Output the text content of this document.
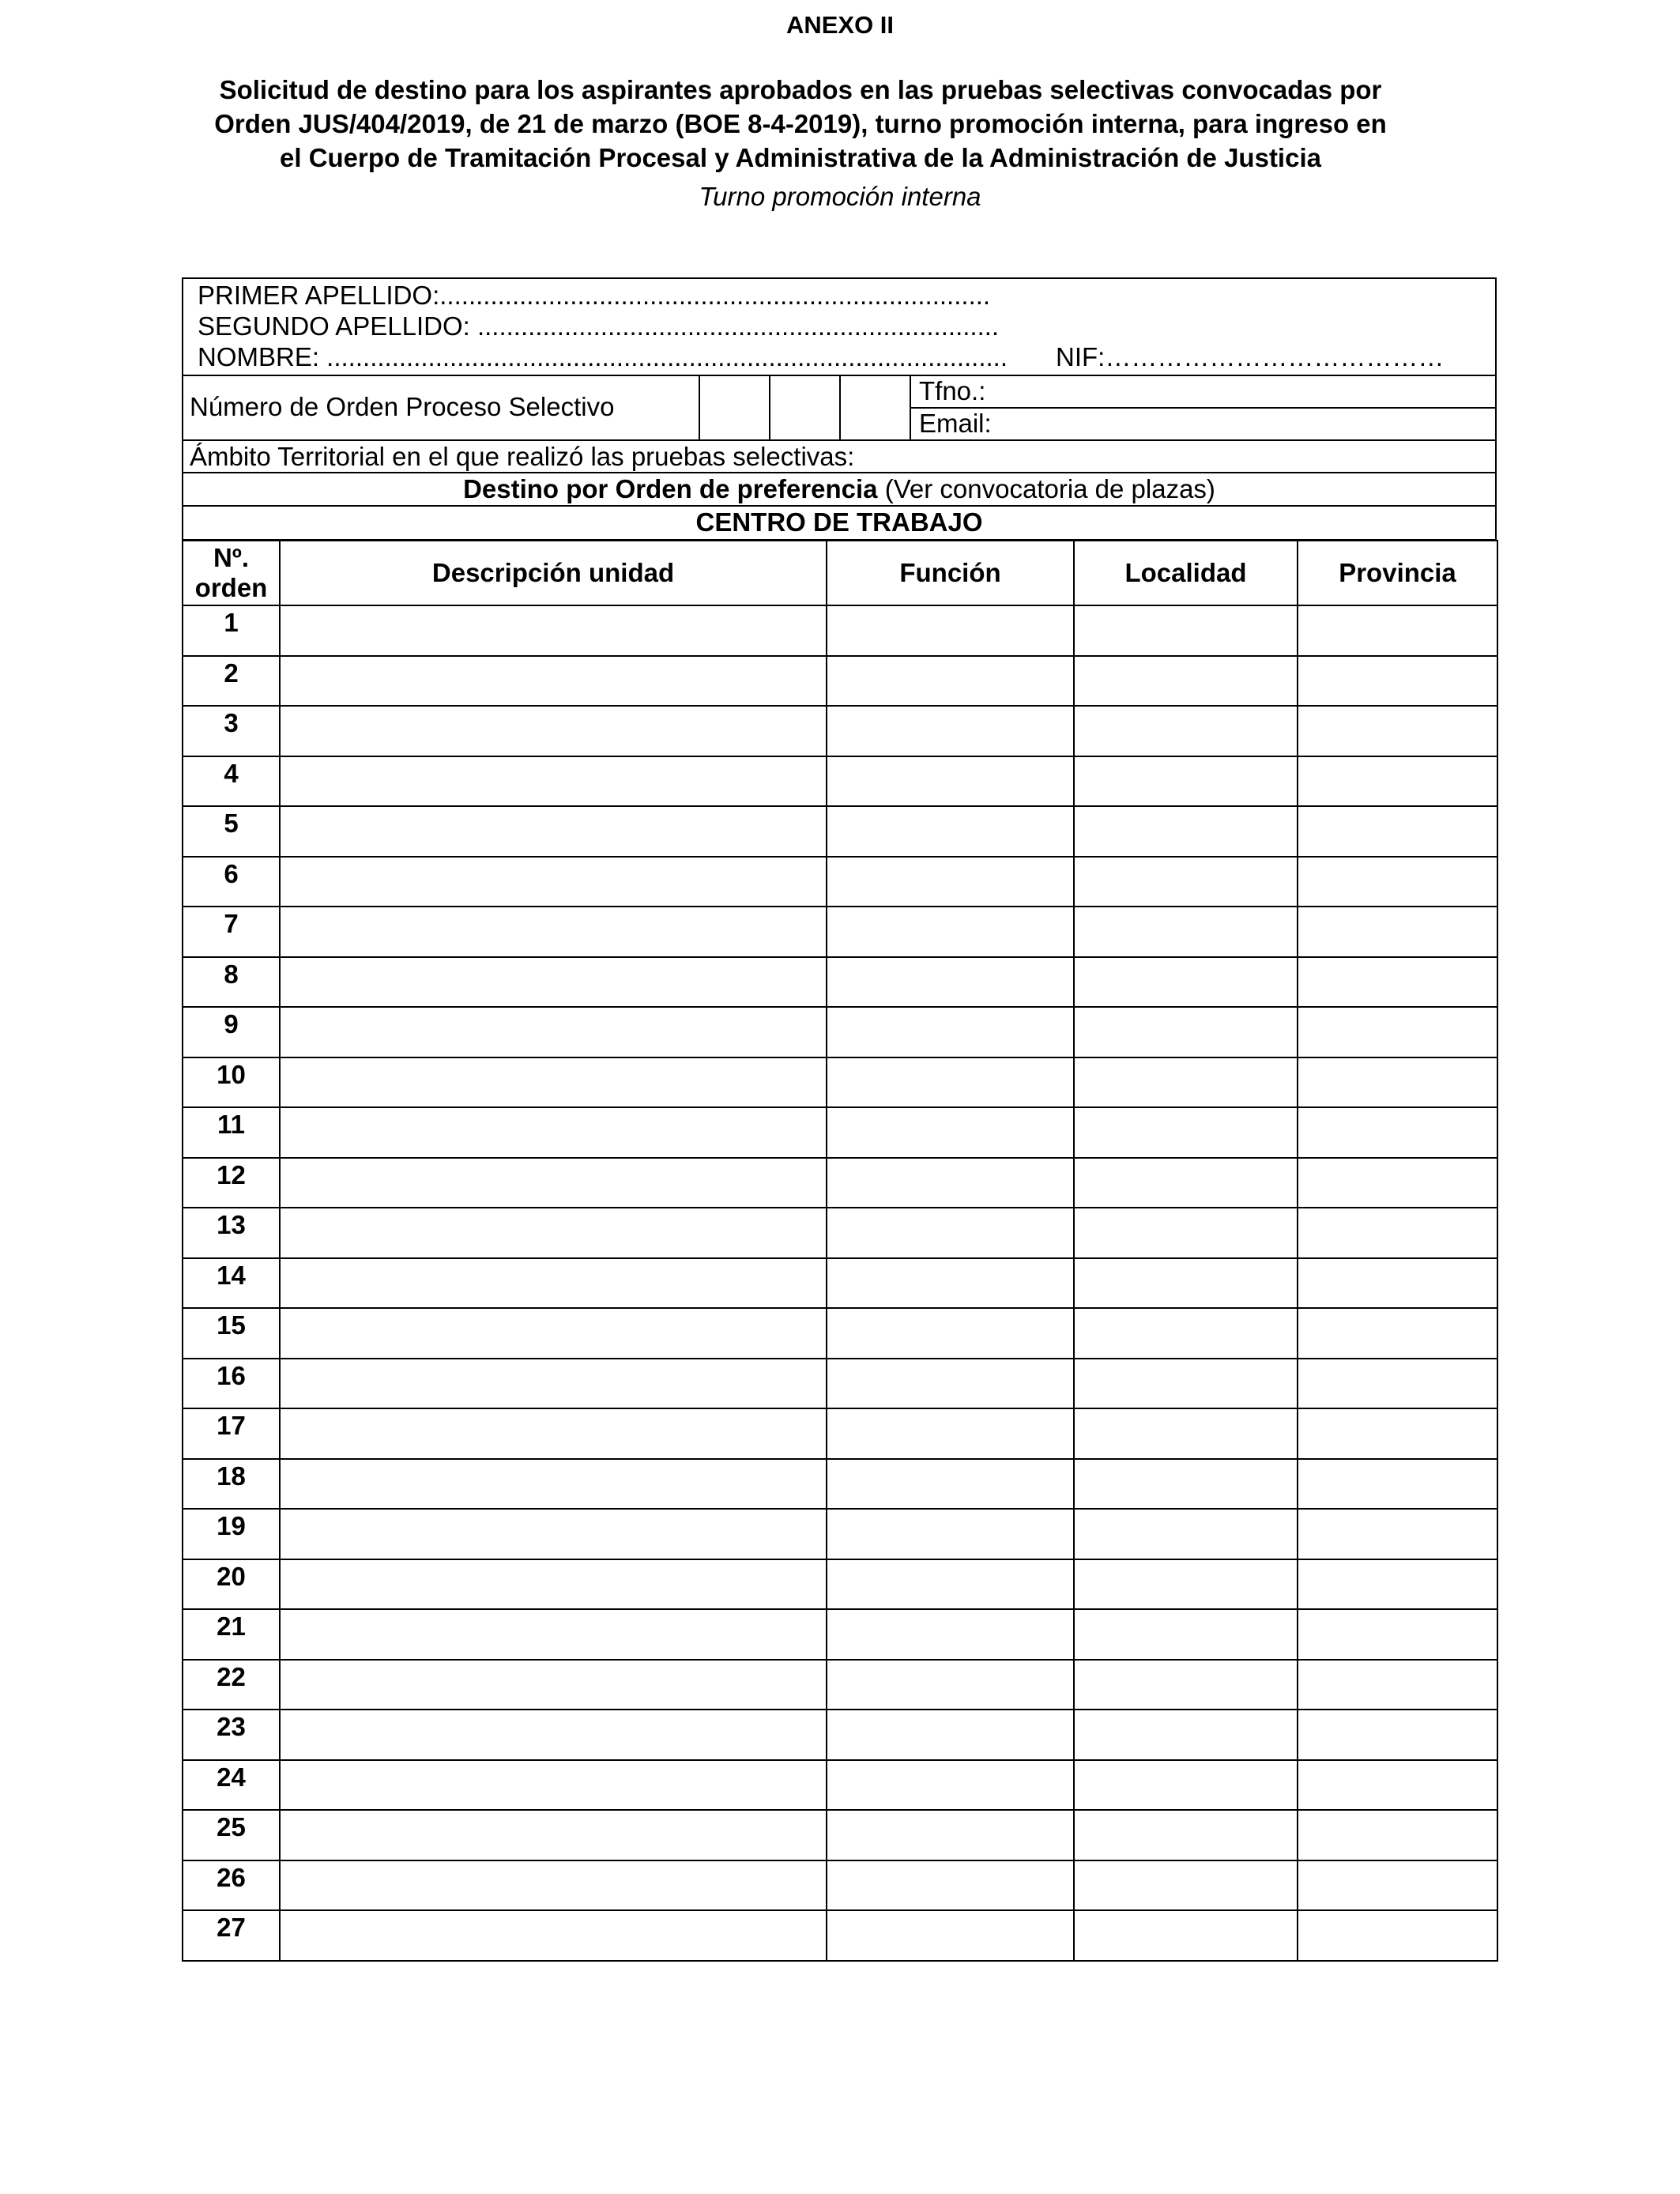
ANEXO II
Solicitud de destino para los aspirantes aprobados en las pruebas selectivas convocadas por
Orden JUS/404/2019, de 21 de marzo (BOE 8-4-2019), turno promoción interna, para ingreso en
el Cuerpo de Tramitación Procesal y Administrativa de la Administración de Justicia
Turno promoción interna
PRIMER APELLIDO:............................................................................
SEGUNDO APELLIDO: ........................................................................
NOMBRE: .............................................................................................. NIF:…………………………………
Número de Orden Proceso Selectivo
Tfno.:
Email:
Ámbito Territorial en el que realizó las pruebas selectivas:
Destino por Orden de preferencia (Ver convocatoria de plazas)
CENTRO DE TRABAJO
Nº.
orden	Descripción unidad	Función	Localidad	Provincia
1				
2				
3				
4				
5				
6				
7				
8				
9				
10				
11				
12				
13				
14				
15				
16				
17				
18				
19				
20				
21				
22				
23				
24				
25				
26				
27				
